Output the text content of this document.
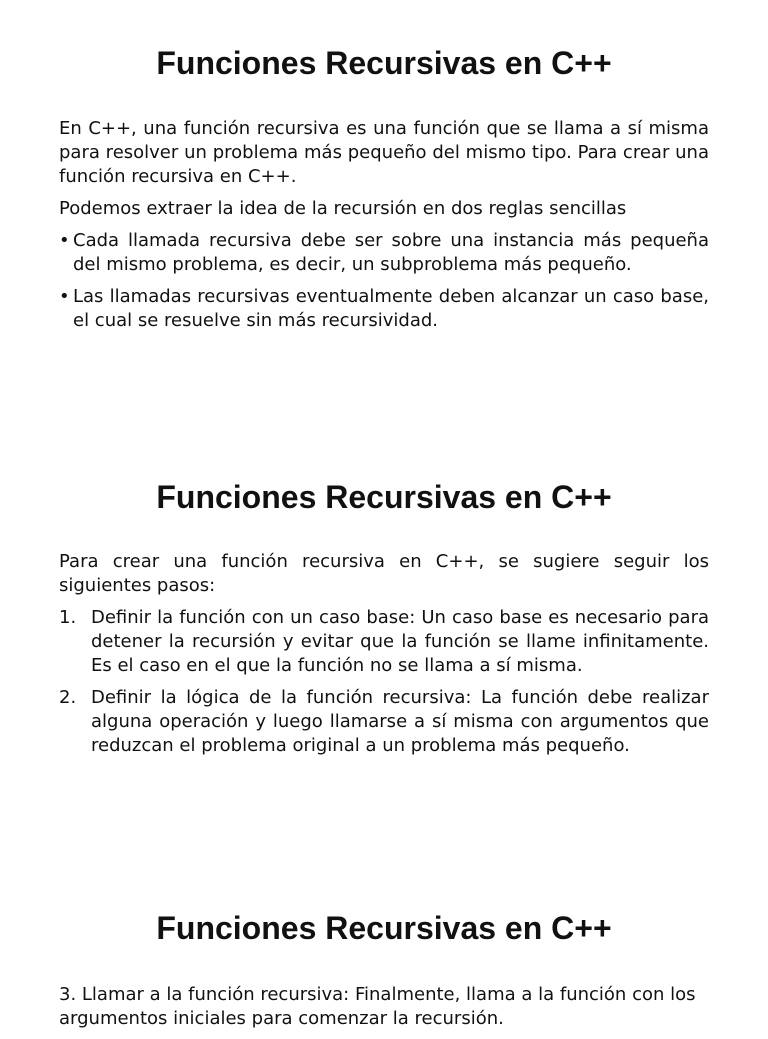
Funciones Recursivas en C++

En C++, una función recursiva es una función que se llama a sí misma para resolver un problema más pequeño del mismo tipo. Para crear una función recursiva en C++.

Podemos extraer la idea de la recursión en dos reglas sencillas

• Cada llamada recursiva debe ser sobre una instancia más pequeña del mismo problema, es decir, un subproblema más pequeño.
• Las llamadas recursivas eventualmente deben alcanzar un caso base, el cual se resuelve sin más recursividad.
Funciones Recursivas en C++

Para crear una función recursiva en C++, se sugiere seguir los siguientes pasos:

1. Definir la función con un caso base: Un caso base es necesario para detener la recursión y evitar que la función se llame infinitamente. Es el caso en el que la función no se llama a sí misma.
2. Definir la lógica de la función recursiva: La función debe realizar alguna operación y luego llamarse a sí misma con argumentos que reduzcan el problema original a un problema más pequeño.
Funciones Recursivas en C++

3. Llamar a la función recursiva: Finalmente, llama a la función con los argumentos iniciales para comenzar la recursión.
